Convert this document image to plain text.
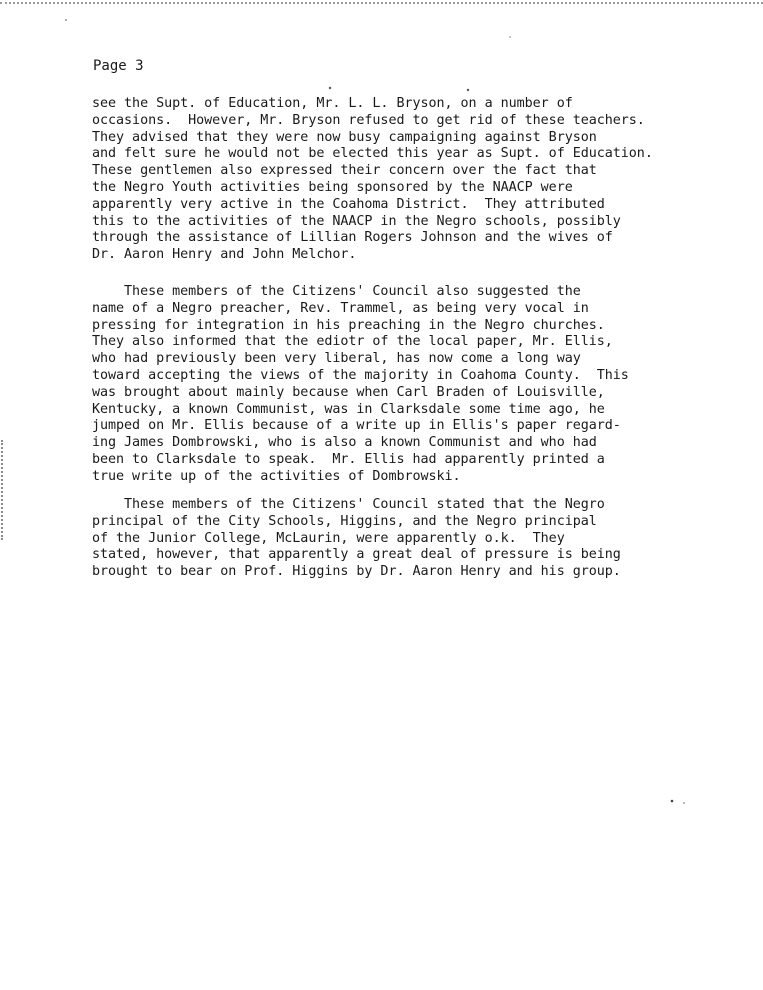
Page 3
see the Supt. of Education, Mr. L. L. Bryson, on a number of
occasions.  However, Mr. Bryson refused to get rid of these teachers.
They advised that they were now busy campaigning against Bryson
and felt sure he would not be elected this year as Supt. of Education.
These gentlemen also expressed their concern over the fact that
the Negro Youth activities being sponsored by the NAACP were
apparently very active in the Coahoma District.  They attributed
this to the activities of the NAACP in the Negro schools, possibly
through the assistance of Lillian Rogers Johnson and the wives of
Dr. Aaron Henry and John Melchor.
These members of the Citizens' Council also suggested the
name of a Negro preacher, Rev. Trammel, as being very vocal in
pressing for integration in his preaching in the Negro churches.
They also informed that the ediotr of the local paper, Mr. Ellis,
who had previously been very liberal, has now come a long way
toward accepting the views of the majority in Coahoma County.  This
was brought about mainly because when Carl Braden of Louisville,
Kentucky, a known Communist, was in Clarksdale some time ago, he
jumped on Mr. Ellis because of a write up in Ellis's paper regard-
ing James Dombrowski, who is also a known Communist and who had
been to Clarksdale to speak.  Mr. Ellis had apparently printed a
true write up of the activities of Dombrowski.
These members of the Citizens' Council stated that the Negro
principal of the City Schools, Higgins, and the Negro principal
of the Junior College, McLaurin, were apparently o.k.  They
stated, however, that apparently a great deal of pressure is being
brought to bear on Prof. Higgins by Dr. Aaron Henry and his group.
